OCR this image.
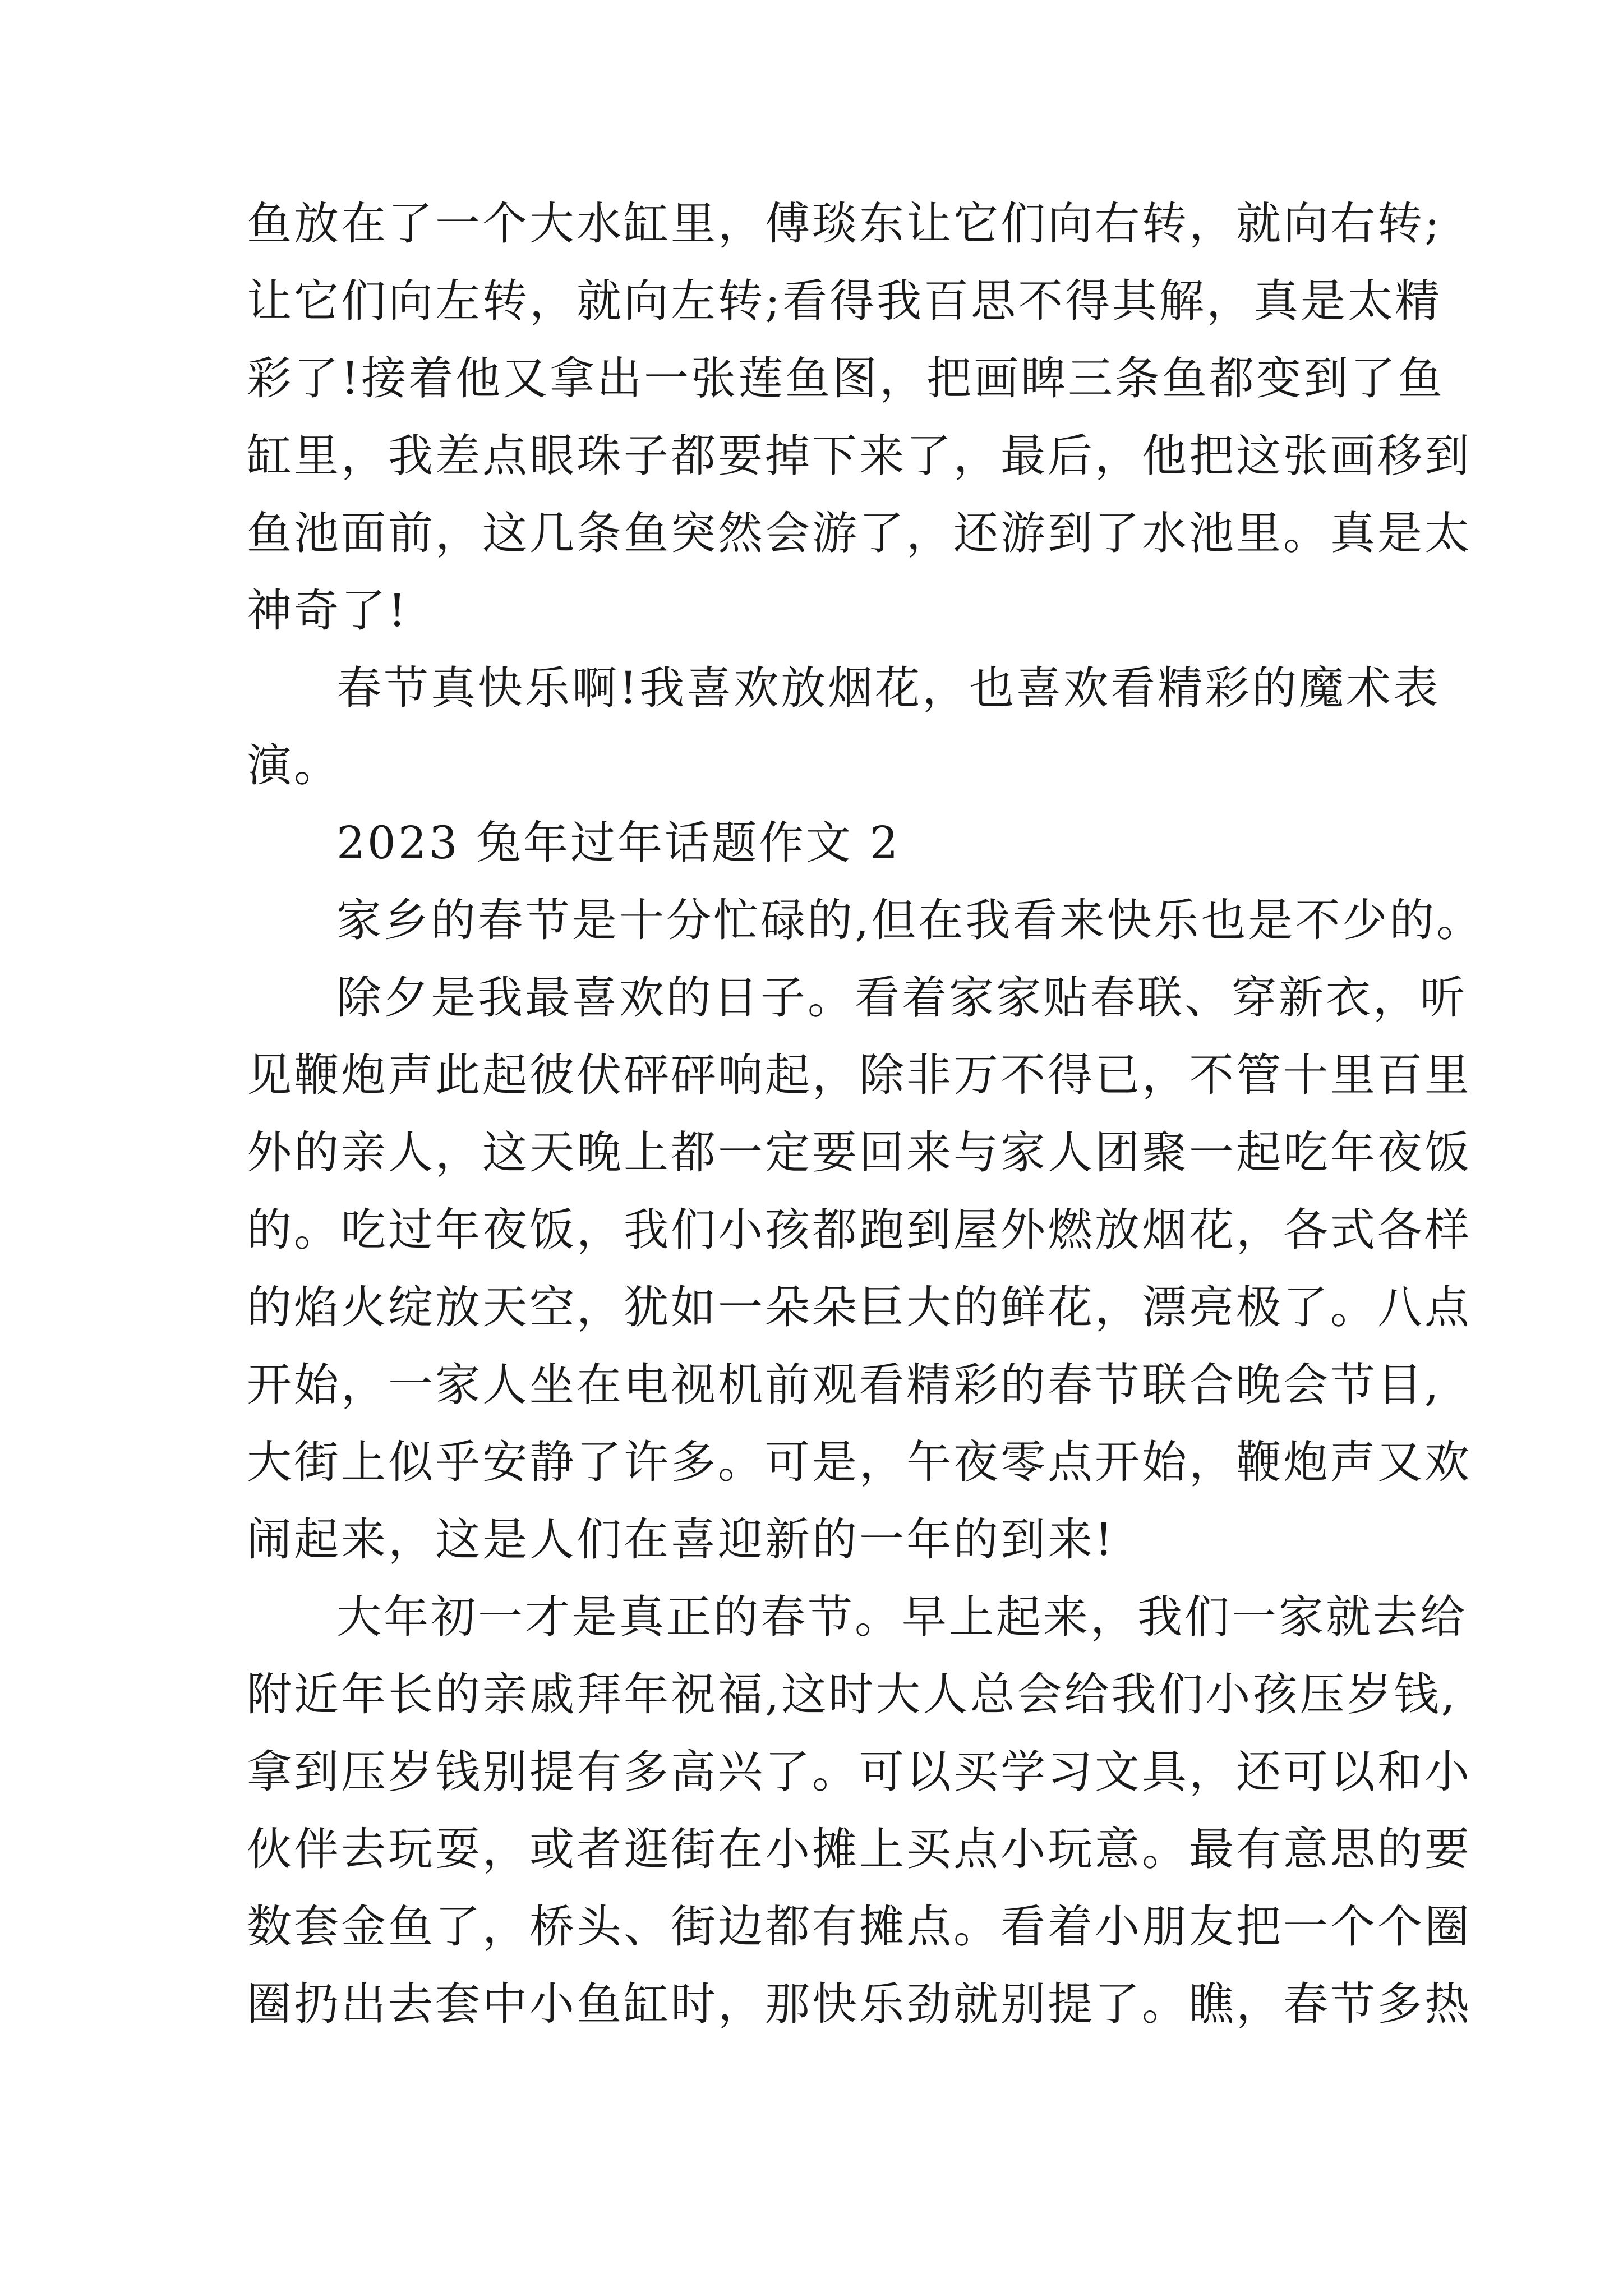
鱼放在了一个大水缸里，傅琰东让它们向右转，就向右转;
让它们向左转，就向左转;看得我百思不得其解，真是太精
彩了!接着他又拿出一张莲鱼图，把画睥三条鱼都变到了鱼
缸里，我差点眼珠子都要掉下来了，最后，他把这张画移到
鱼池面前，这几条鱼突然会游了，还游到了水池里。真是太
神奇了!
春节真快乐啊!我喜欢放烟花，也喜欢看精彩的魔术表
演。
2023 兔年过年话题作文 2
家乡的春节是十分忙碌的,但在我看来快乐也是不少的。
除夕是我最喜欢的日子。看着家家贴春联、穿新衣，听
见鞭炮声此起彼伏砰砰响起，除非万不得已，不管十里百里
外的亲人，这天晚上都一定要回来与家人团聚一起吃年夜饭
的。吃过年夜饭，我们小孩都跑到屋外燃放烟花，各式各样
的焰火绽放天空，犹如一朵朵巨大的鲜花，漂亮极了。八点
开始，一家人坐在电视机前观看精彩的春节联合晚会节目,
大街上似乎安静了许多。可是，午夜零点开始，鞭炮声又欢
闹起来，这是人们在喜迎新的一年的到来!
大年初一才是真正的春节。早上起来，我们一家就去给
附近年长的亲戚拜年祝福,这时大人总会给我们小孩压岁钱,
拿到压岁钱别提有多高兴了。可以买学习文具，还可以和小
伙伴去玩耍，或者逛街在小摊上买点小玩意。最有意思的要
数套金鱼了，桥头、街边都有摊点。看着小朋友把一个个圈
圈扔出去套中小鱼缸时，那快乐劲就别提了。瞧，春节多热
